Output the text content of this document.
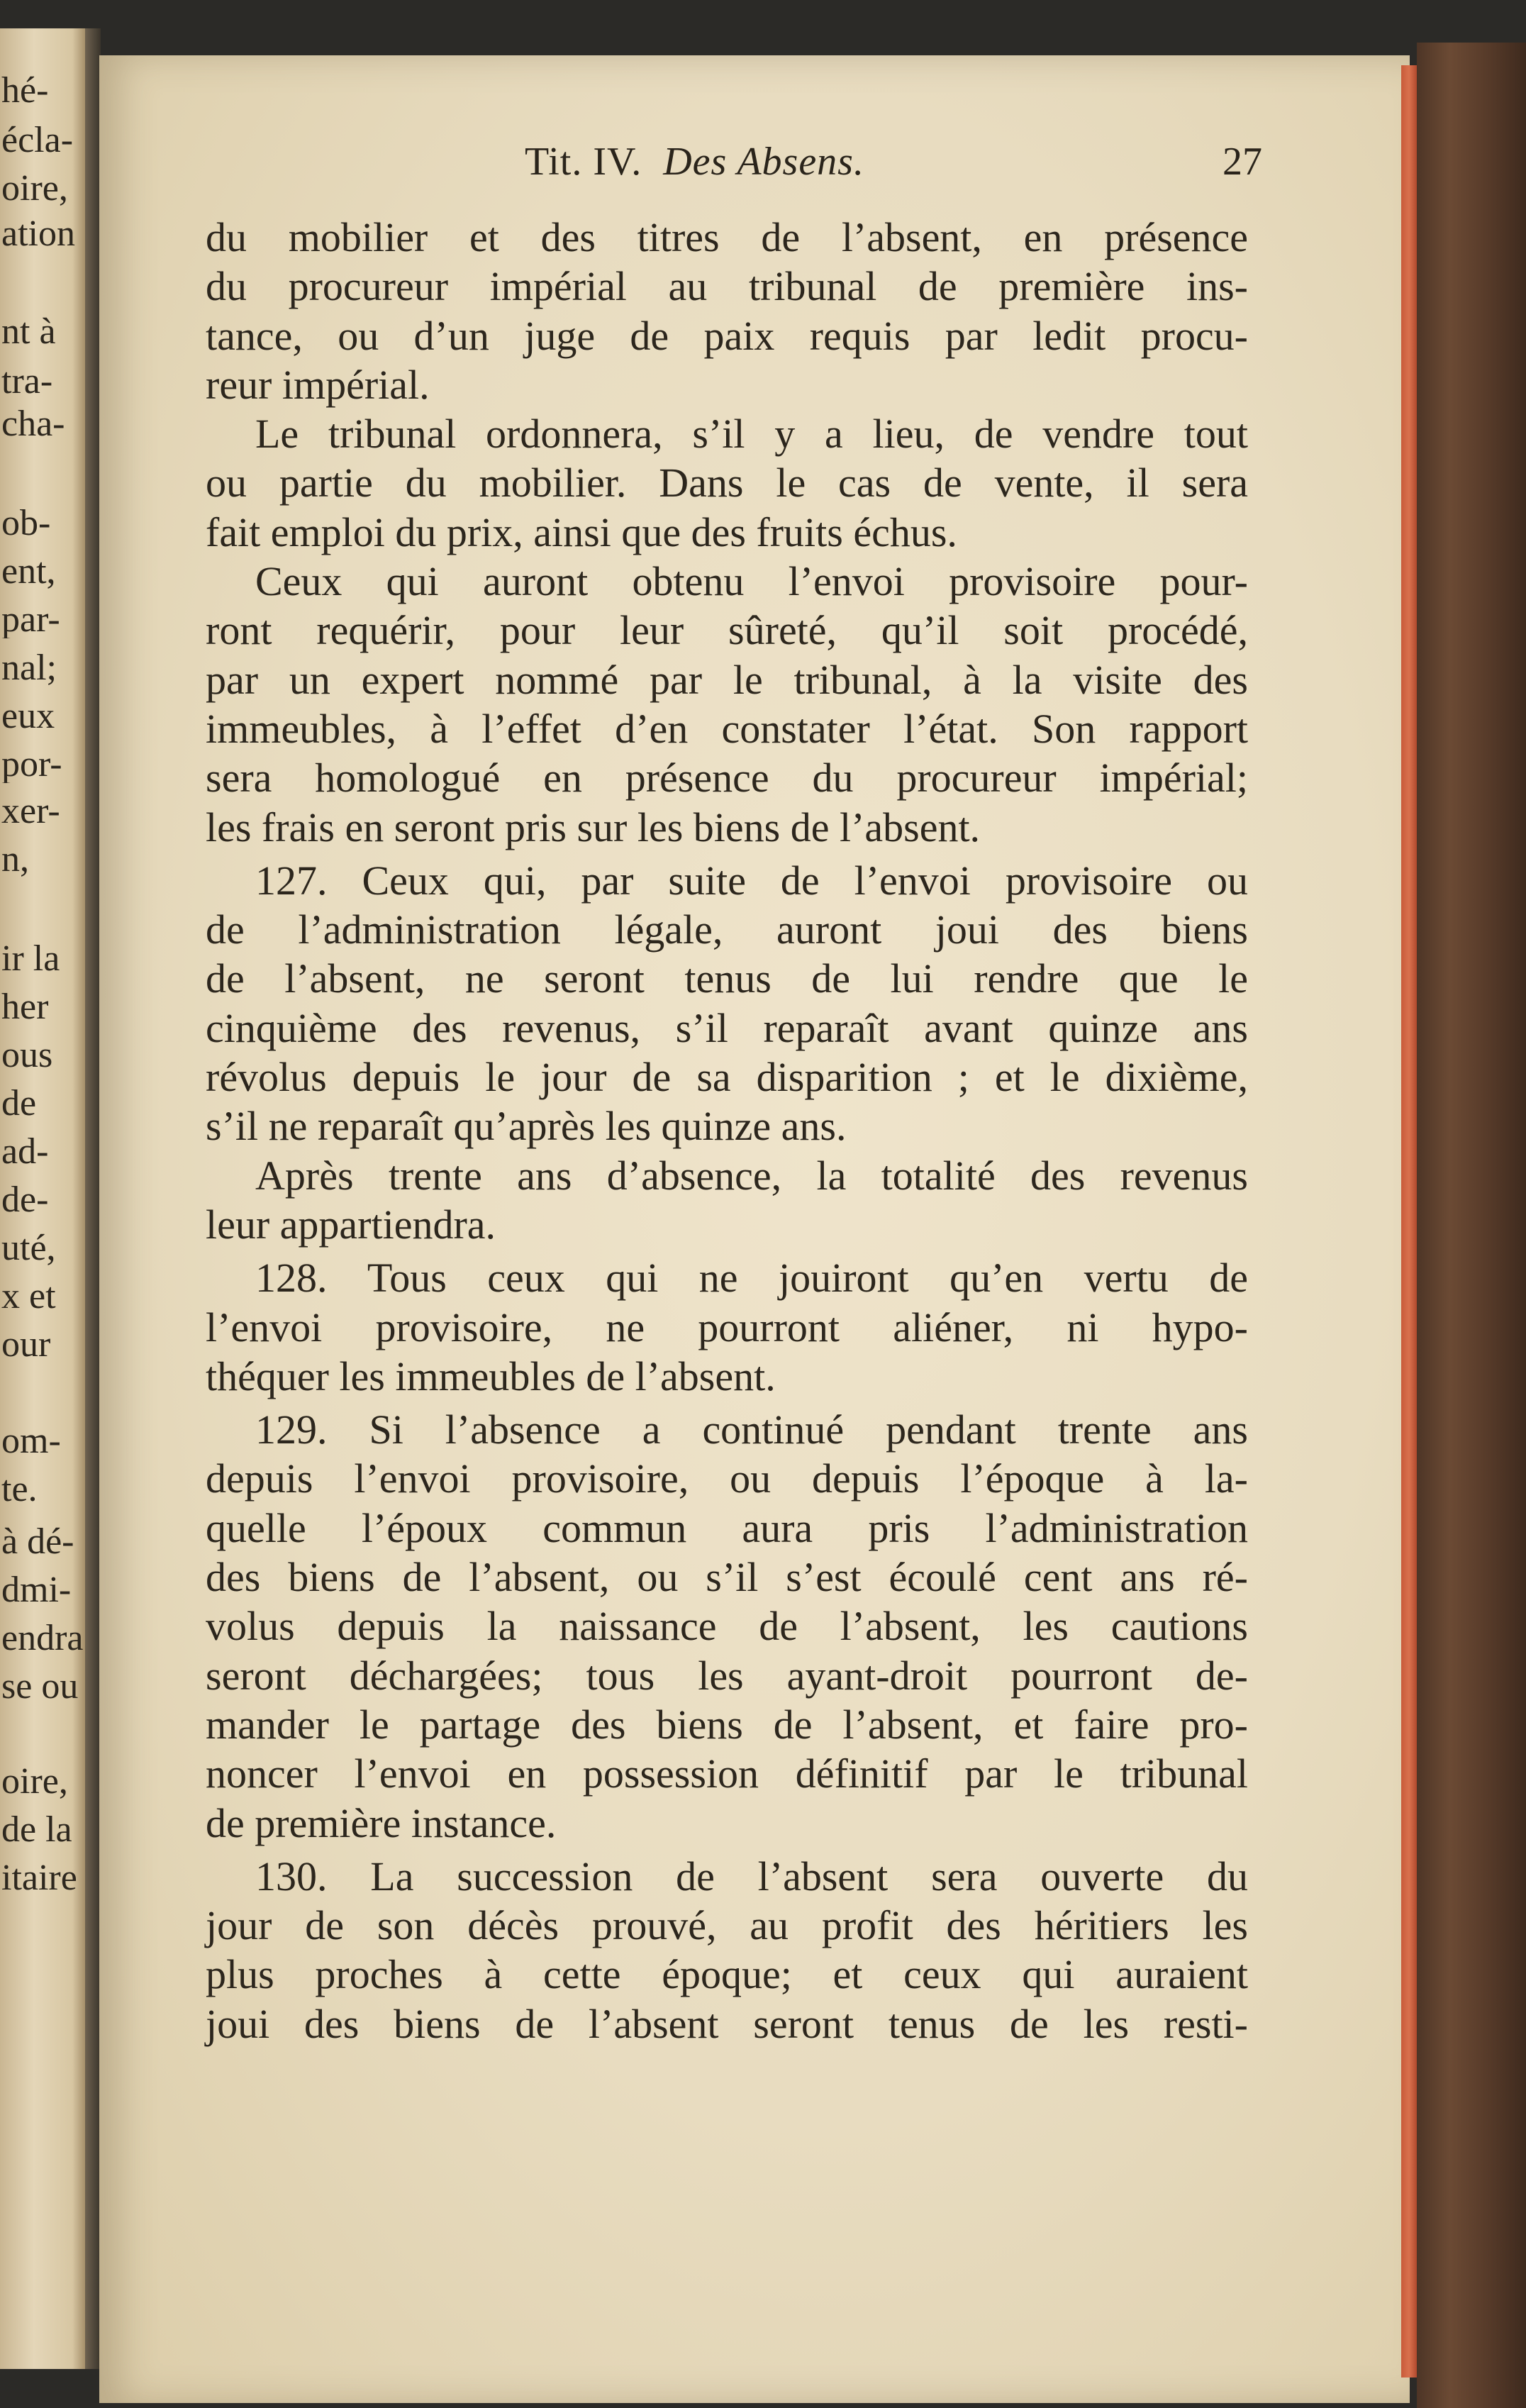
hé-
écla-
oire,
ation
nt à
tra-
cha-
ob-
ent,
par-
nal;
eux
por-
xer-
n,
ir la
her
ous
de
ad-
de-
uté,
x et
our
om-
te.
à dé-
dmi-
endra
se ou
oire,
de la
itaire
Tit. IV. Des Absens.	27
du mobilier et des titres de l’absent, en présence
du procureur impérial au tribunal de première ins-
tance, ou d’un juge de paix requis par ledit procu-
reur impérial.
Le tribunal ordonnera, s’il y a lieu, de vendre tout
ou partie du mobilier. Dans le cas de vente, il sera
fait emploi du prix, ainsi que des fruits échus.
Ceux qui auront obtenu l’envoi provisoire pour-
ront requérir, pour leur sûreté, qu’il soit procédé,
par un expert nommé par le tribunal, à la visite des
immeubles, à l’effet d’en constater l’état. Son rapport
sera homologué en présence du procureur impérial;
les frais en seront pris sur les biens de l’absent.
127. Ceux qui, par suite de l’envoi provisoire ou
de l’administration légale, auront joui des biens
de l’absent, ne seront tenus de lui rendre que le
cinquième des revenus, s’il reparaît avant quinze ans
révolus depuis le jour de sa disparition ; et le dixième,
s’il ne reparaît qu’après les quinze ans.
Après trente ans d’absence, la totalité des revenus
leur appartiendra.
128. Tous ceux qui ne jouiront qu’en vertu de
l’envoi provisoire, ne pourront aliéner, ni hypo-
théquer les immeubles de l’absent.
129. Si l’absence a continué pendant trente ans
depuis l’envoi provisoire, ou depuis l’époque à la-
quelle l’époux commun aura pris l’administration
des biens de l’absent, ou s’il s’est écoulé cent ans ré-
volus depuis la naissance de l’absent, les cautions
seront déchargées; tous les ayant-droit pourront de-
mander le partage des biens de l’absent, et faire pro-
noncer l’envoi en possession définitif par le tribunal
de première instance.
130. La succession de l’absent sera ouverte du
jour de son décès prouvé, au profit des héritiers les
plus proches à cette époque; et ceux qui auraient
joui des biens de l’absent seront tenus de les resti-
